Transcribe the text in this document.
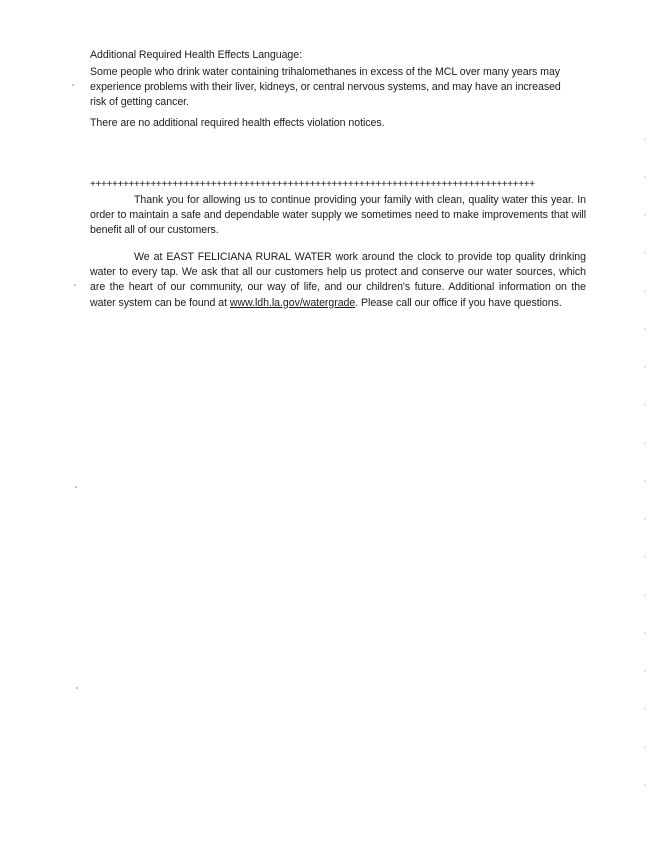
Additional Required Health Effects Language:

Some people who drink water containing trihalomethanes in excess of the MCL over many years may experience problems with their liver, kidneys, or central nervous systems, and may have an increased risk of getting cancer.

There are no additional required health effects violation notices.

+++++++++++++++++++++++++++++++++++++++++++++++++++++++++++++++++++++++++++++++++

Thank you for allowing us to continue providing your family with clean, quality water this year. In order to maintain a safe and dependable water supply we sometimes need to make improvements that will benefit all of our customers.

We at EAST FELICIANA RURAL WATER work around the clock to provide top quality drinking water to every tap. We ask that all our customers help us protect and conserve our water sources, which are the heart of our community, our way of life, and our children's future. Additional information on the water system can be found at www.ldh.la.gov/watergrade. Please call our office if you have questions.
